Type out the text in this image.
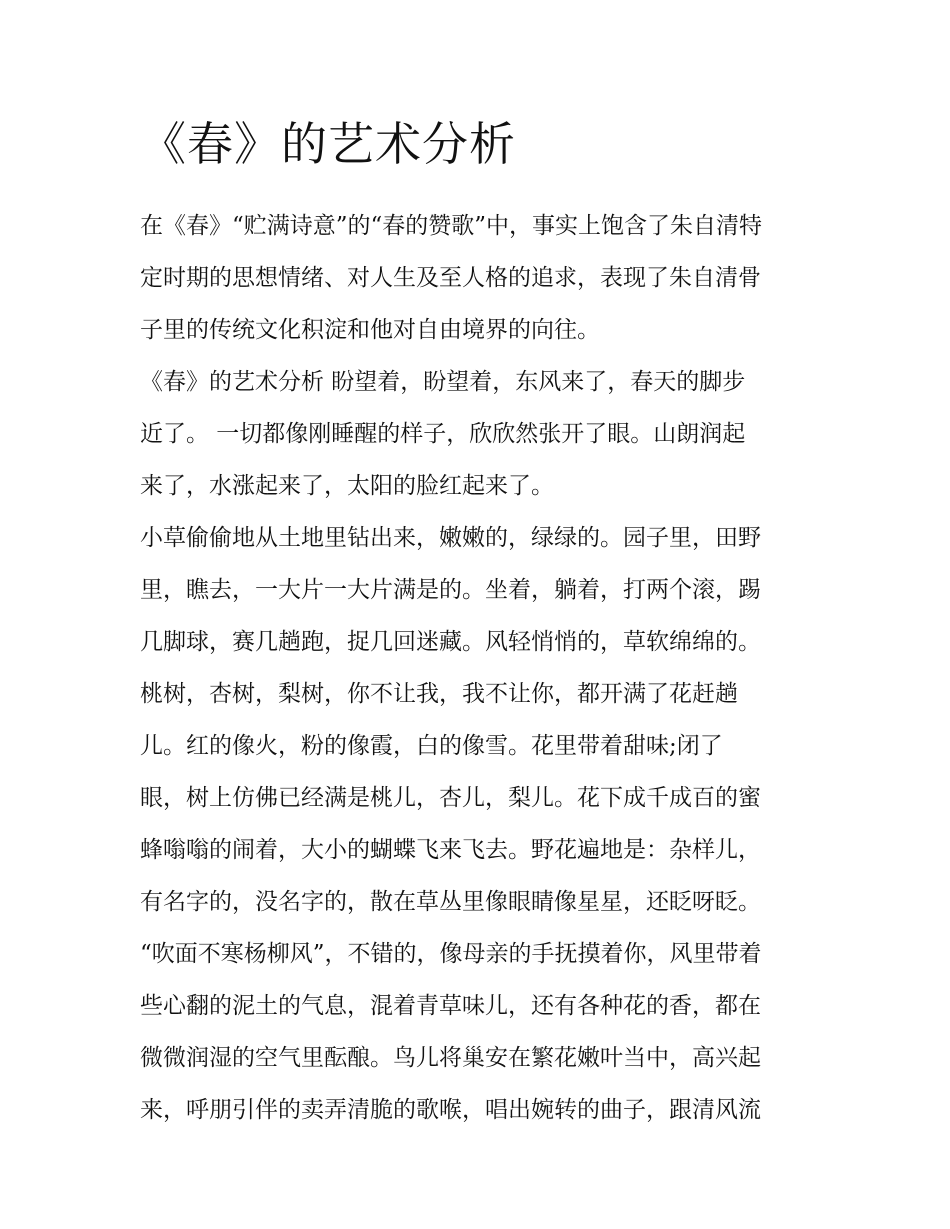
《春》的艺术分析
在《春》“贮满诗意”的“春的赞歌”中，事实上饱含了朱自清特
定时期的思想情绪、对人生及至人格的追求，表现了朱自清骨
子里的传统文化积淀和他对自由境界的向往。
《春》的艺术分析 盼望着，盼望着，东风来了，春天的脚步
近了。 一切都像刚睡醒的样子，欣欣然张开了眼。山朗润起
来了，水涨起来了，太阳的脸红起来了。
小草偷偷地从土地里钻出来，嫩嫩的，绿绿的。园子里，田野
里，瞧去，一大片一大片满是的。坐着，躺着，打两个滚，踢
几脚球，赛几趟跑，捉几回迷藏。风轻悄悄的，草软绵绵的。
桃树，杏树，梨树，你不让我，我不让你，都开满了花赶趟
儿。红的像火，粉的像霞，白的像雪。花里带着甜味;闭了
眼，树上仿佛已经满是桃儿，杏儿，梨儿。花下成千成百的蜜
蜂嗡嗡的闹着，大小的蝴蝶飞来飞去。野花遍地是：杂样儿，
有名字的，没名字的，散在草丛里像眼睛像星星，还眨呀眨。
“吹面不寒杨柳风”，不错的，像母亲的手抚摸着你，风里带着
些心翻的泥土的气息，混着青草味儿，还有各种花的香，都在
微微润湿的空气里酝酿。鸟儿将巢安在繁花嫩叶当中，高兴起
来，呼朋引伴的卖弄清脆的歌喉，唱出婉转的曲子，跟清风流
